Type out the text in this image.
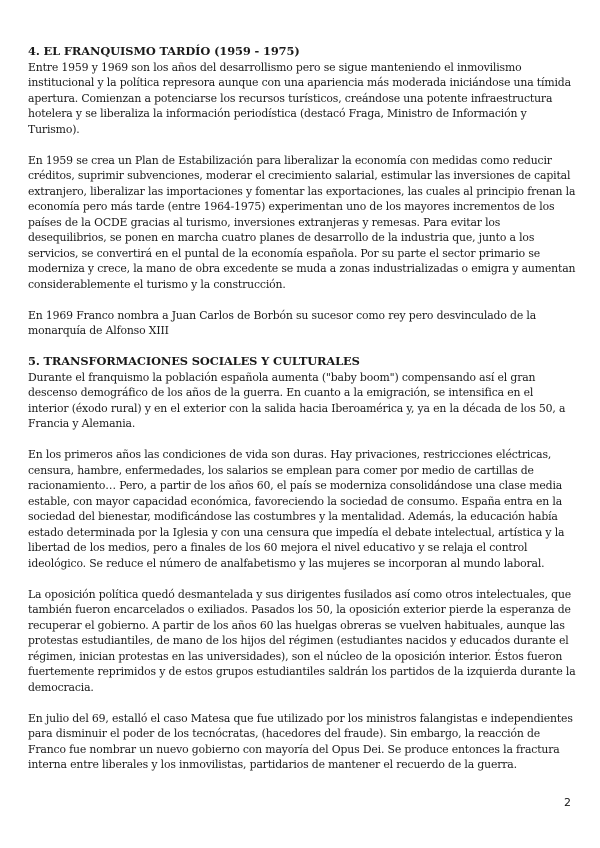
4. EL FRANQUISMO TARDÍO (1959 - 1975)

Entre 1959 y 1969 son los años del desarrollismo pero se sigue manteniendo el inmovilismo institucional y la política represora aunque con una apariencia más moderada iniciándose una tímida apertura. Comienzan a potenciarse los recursos turísticos, creándose una potente infraestructura hotelera y se liberaliza la información periodística (destacó Fraga, Ministro de Información y Turismo).

En 1959 se crea un Plan de Estabilización para liberalizar la economía con medidas como reducir créditos, suprimir subvenciones, moderar el crecimiento salarial, estimular las inversiones de capital extranjero, liberalizar las importaciones y fomentar las exportaciones, las cuales al principio frenan la economía pero más tarde (entre 1964-1975) experimentan uno de los mayores incrementos de los países de la OCDE gracias al turismo, inversiones extranjeras y remesas. Para evitar los desequilibrios, se ponen en marcha cuatro planes de desarrollo de la industria que, junto a los servicios, se convertirá en el puntal de la economía española. Por su parte el sector primario se moderniza y crece, la mano de obra excedente se muda a zonas industrializadas o emigra y aumentan considerablemente el turismo y la construcción.

En 1969 Franco nombra a Juan Carlos de Borbón su sucesor como rey pero desvinculado de la monarquía de Alfonso XIII

5. TRANSFORMACIONES SOCIALES Y CULTURALES

Durante el franquismo la población española aumenta ("baby boom") compensando así el gran descenso demográfico de los años de la guerra. En cuanto a la emigración, se intensifica en el interior (éxodo rural) y en el exterior con la salida hacia Iberoamérica y, ya en la década de los 50, a Francia y Alemania.

En los primeros años las condiciones de vida son duras. Hay privaciones, restricciones eléctricas, censura, hambre, enfermedades, los salarios se emplean para comer por medio de cartillas de racionamiento… Pero, a partir de los años 60, el país se moderniza consolidándose una clase media estable, con mayor capacidad económica, favoreciendo la sociedad de consumo. España entra en la sociedad del bienestar, modificándose las costumbres y la mentalidad. Además, la educación había estado determinada por la Iglesia y con una censura que impedía el debate intelectual, artística y la libertad de los medios, pero a finales de los 60 mejora el nivel educativo y se relaja el control ideológico. Se reduce el número de analfabetismo y las mujeres se incorporan al mundo laboral.

La oposición política quedó desmantelada y sus dirigentes fusilados así como otros intelectuales, que también fueron encarcelados o exiliados. Pasados los 50, la oposición exterior pierde la esperanza de recuperar el gobierno. A partir de los años 60 las huelgas obreras se vuelven habituales, aunque las protestas estudiantiles, de mano de los hijos del régimen (estudiantes nacidos y educados durante el régimen, inician protestas en las universidades), son el núcleo de la oposición interior. Éstos fueron fuertemente reprimidos y de estos grupos estudiantiles saldrán los partidos de la izquierda durante la democracia.

En julio del 69, estalló el caso Matesa que fue utilizado por los ministros falangistas e independientes para disminuir el poder de los tecnócratas, (hacedores del fraude). Sin embargo, la reacción de Franco fue nombrar un nuevo gobierno con mayoría del Opus Dei. Se produce entonces la fractura interna entre liberales y los inmovilistas, partidarios de mantener el recuerdo de la guerra.

2
